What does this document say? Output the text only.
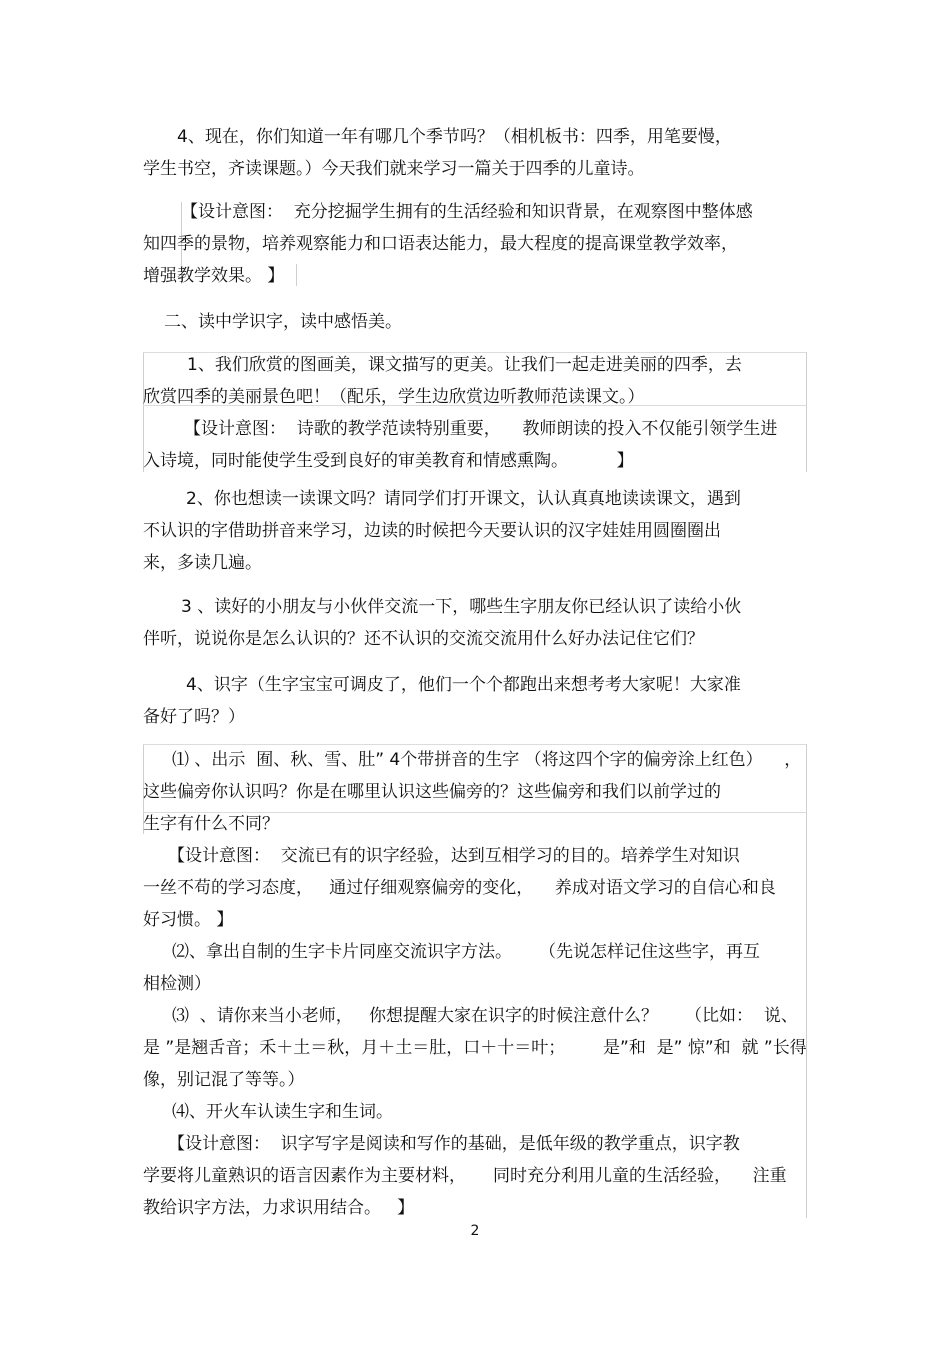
4、现在，你们知道一年有哪几个季节吗？（相机板书：四季，用笔要慢，
学生书空，齐读课题。）今天我们就来学习一篇关于四季的儿童诗。
【设计意图：  充分挖掘学生拥有的生活经验和知识背景，在观察图中整体感
知四季的景物，培养观察能力和口语表达能力，最大程度的提高课堂教学效率，
增强教学效果。 】
二、读中学识字，读中感悟美。
1、我们欣赏的图画美，课文描写的更美。让我们一起走进美丽的四季，去
欣赏四季的美丽景色吧！（配乐，学生边欣赏边听教师范读课文。）
【设计意图：  诗歌的教学范读特别重要，    教师朗读的投入不仅能引领学生进
入诗境，同时能使学生受到良好的审美教育和情感熏陶。         】
2、你也想读一读课文吗？请同学们打开课文，认认真真地读读课文，遇到
不认识的字借助拼音来学习，边读的时候把今天要认识的汉字娃娃用圆圈圈出
来，多读几遍。
3 、读好的小朋友与小伙伴交流一下，哪些生字朋友你已经认识了读给小伙
伴听，说说你是怎么认识的？还不认识的交流交流用什么好办法记住它们？
4、识字（生字宝宝可调皮了，他们一个个都跑出来想考考大家呢！大家准
备好了吗？）
⑴ 、出示  囿、秋、雪、肚” 4个带拼音的生字 （将这四个字的偏旁涂上红色）    ，
这些偏旁你认识吗？你是在哪里认识这些偏旁的？这些偏旁和我们以前学过的
生字有什么不同？
【设计意图：  交流已有的识字经验，达到互相学习的目的。培养学生对知识
一丝不苟的学习态度，   通过仔细观察偏旁的变化，    养成对语文学习的自信心和良
好习惯。 】
⑵、拿出自制的生字卡片同座交流识字方法。     （先说怎样记住这些字，再互
相检测）
⑶  、请你来当小老师，   你想提醒大家在识字的时候注意什么？     （比如：  说、
是 ”是翘舌音；禾＋土＝秋，月＋土＝肚，口＋十＝叶；       是”和  是” 惊”和  就 ”长得
像，别记混了等等。）
⑷、开火车认读生字和生词。
【设计意图：  识字写字是阅读和写作的基础，是低年级的教学重点，识字教
学要将儿童熟识的语言因素作为主要材料，     同时充分利用儿童的生活经验，    注重
教给识字方法，力求识用结合。   】
2
